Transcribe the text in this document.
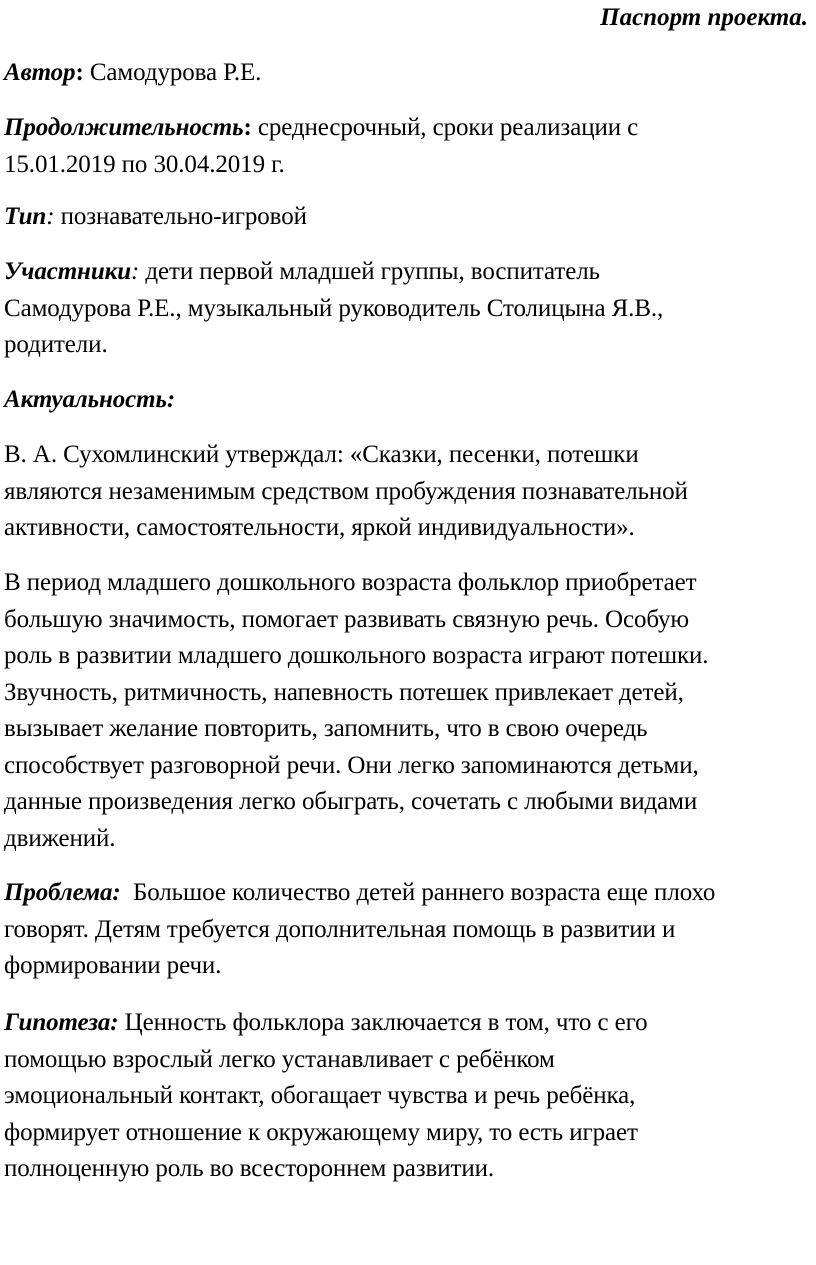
Паспорт проекта.

Автор: Самодурова Р.Е.

Продолжительность: среднесрочный, сроки реализации с
15.01.2019 по 30.04.2019 г.

Тип: познавательно-игровой

Участники: дети первой младшей группы, воспитатель
Самодурова Р.Е., музыкальный руководитель Столицына Я.В.,
родители.

Актуальность:

В. А. Сухомлинский утверждал: «Сказки, песенки, потешки
являются незаменимым средством пробуждения познавательной
активности, самостоятельности, яркой индивидуальности».

В период младшего дошкольного возраста фольклор приобретает
большую значимость, помогает развивать связную речь. Особую
роль в развитии младшего дошкольного возраста играют потешки.
Звучность, ритмичность, напевность потешек привлекает детей,
вызывает желание повторить, запомнить, что в свою очередь
способствует разговорной речи. Они легко запоминаются детьми,
данные произведения легко обыграть, сочетать с любыми видами
движений.

Проблема: Большое количество детей раннего возраста еще плохо
говорят. Детям требуется дополнительная помощь в развитии и
формировании речи.

Гипотеза: Ценность фольклора заключается в том, что с его
помощью взрослый легко устанавливает с ребёнком
эмоциональный контакт, обогащает чувства и речь ребёнка,
формирует отношение к окружающему миру, то есть играет
полноценную роль во всестороннем развитии.
